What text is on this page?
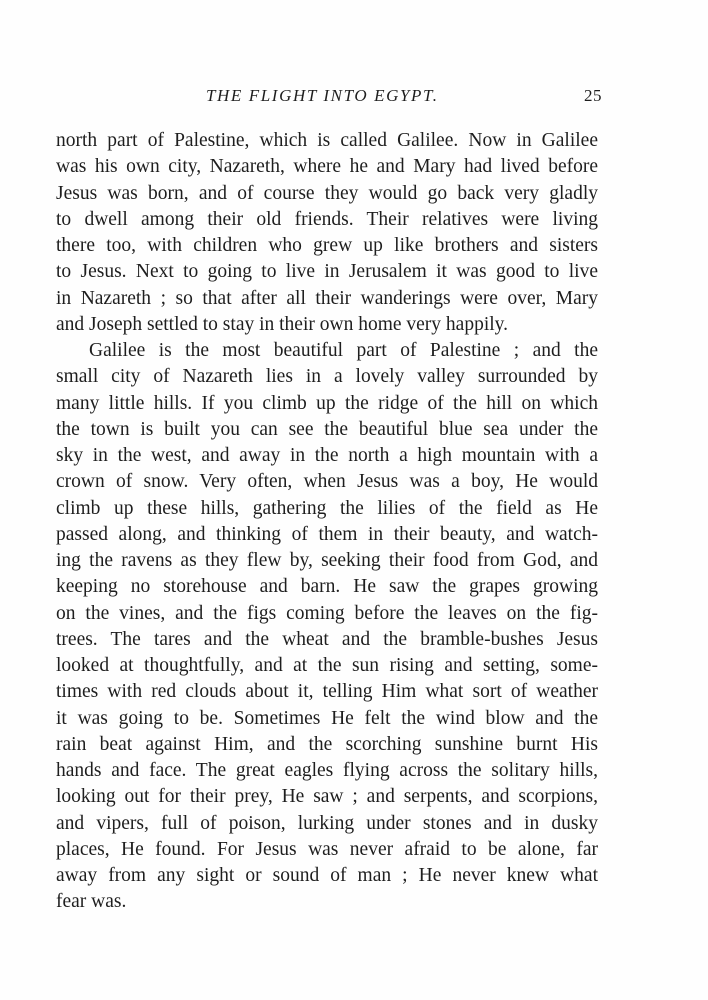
THE FLIGHT INTO EGYPT.	25
north part of Palestine, which is called Galilee. Now in Galilee
was his own city, Nazareth, where he and Mary had lived before
Jesus was born, and of course they would go back very gladly
to dwell among their old friends. Their relatives were living
there too, with children who grew up like brothers and sisters
to Jesus. Next to going to live in Jerusalem it was good to live
in Nazareth ; so that after all their wanderings were over, Mary
and Joseph settled to stay in their own home very happily.
Galilee is the most beautiful part of Palestine ; and the
small city of Nazareth lies in a lovely valley surrounded by
many little hills. If you climb up the ridge of the hill on which
the town is built you can see the beautiful blue sea under the
sky in the west, and away in the north a high mountain with a
crown of snow. Very often, when Jesus was a boy, He would
climb up these hills, gathering the lilies of the field as He
passed along, and thinking of them in their beauty, and watch-
ing the ravens as they flew by, seeking their food from God, and
keeping no storehouse and barn. He saw the grapes growing
on the vines, and the figs coming before the leaves on the fig-
trees. The tares and the wheat and the bramble-bushes Jesus
looked at thoughtfully, and at the sun rising and setting, some-
times with red clouds about it, telling Him what sort of weather
it was going to be. Sometimes He felt the wind blow and the
rain beat against Him, and the scorching sunshine burnt His
hands and face. The great eagles flying across the solitary hills,
looking out for their prey, He saw ; and serpents, and scorpions,
and vipers, full of poison, lurking under stones and in dusky
places, He found. For Jesus was never afraid to be alone, far
away from any sight or sound of man ; He never knew what
fear was.
